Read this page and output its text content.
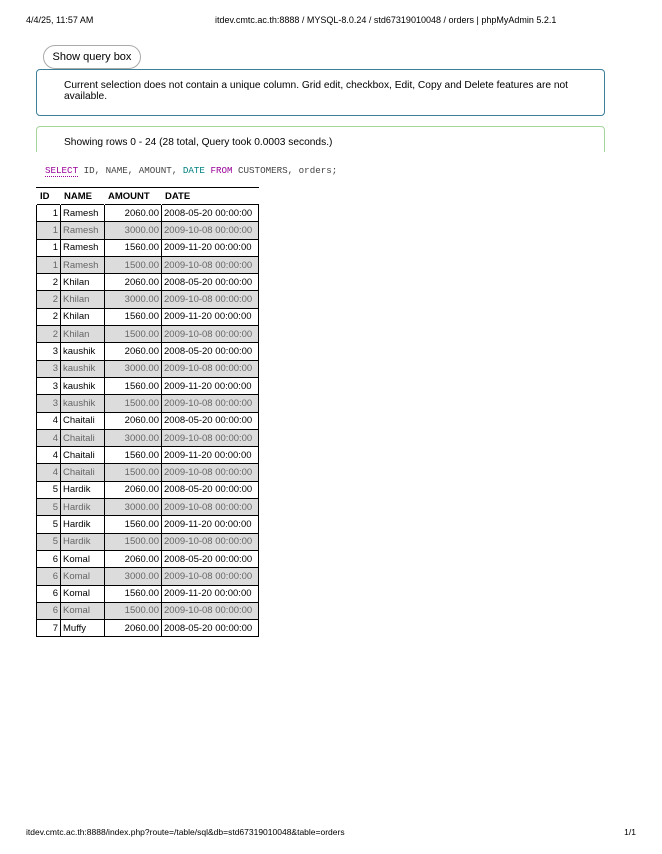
4/4/25, 11:57 AM	itdev.cmtc.ac.th:8888 / MYSQL-8.0.24 / std67319010048 / orders | phpMyAdmin 5.2.1
Show query box
Current selection does not contain a unique column. Grid edit, checkbox, Edit, Copy and Delete features are not available.
Showing rows 0 - 24 (28 total, Query took 0.0003 seconds.)
SELECT ID, NAME, AMOUNT, DATE FROM CUSTOMERS, orders;
ID	NAME	AMOUNT	DATE
1	Ramesh	2060.00	2008-05-20 00:00:00
1	Ramesh	3000.00	2009-10-08 00:00:00
1	Ramesh	1560.00	2009-11-20 00:00:00
1	Ramesh	1500.00	2009-10-08 00:00:00
2	Khilan	2060.00	2008-05-20 00:00:00
2	Khilan	3000.00	2009-10-08 00:00:00
2	Khilan	1560.00	2009-11-20 00:00:00
2	Khilan	1500.00	2009-10-08 00:00:00
3	kaushik	2060.00	2008-05-20 00:00:00
3	kaushik	3000.00	2009-10-08 00:00:00
3	kaushik	1560.00	2009-11-20 00:00:00
3	kaushik	1500.00	2009-10-08 00:00:00
4	Chaitali	2060.00	2008-05-20 00:00:00
4	Chaitali	3000.00	2009-10-08 00:00:00
4	Chaitali	1560.00	2009-11-20 00:00:00
4	Chaitali	1500.00	2009-10-08 00:00:00
5	Hardik	2060.00	2008-05-20 00:00:00
5	Hardik	3000.00	2009-10-08 00:00:00
5	Hardik	1560.00	2009-11-20 00:00:00
5	Hardik	1500.00	2009-10-08 00:00:00
6	Komal	2060.00	2008-05-20 00:00:00
6	Komal	3000.00	2009-10-08 00:00:00
6	Komal	1560.00	2009-11-20 00:00:00
6	Komal	1500.00	2009-10-08 00:00:00
7	Muffy	2060.00	2008-05-20 00:00:00
itdev.cmtc.ac.th:8888/index.php?route=/table/sql&db=std67319010048&table=orders	1/1
